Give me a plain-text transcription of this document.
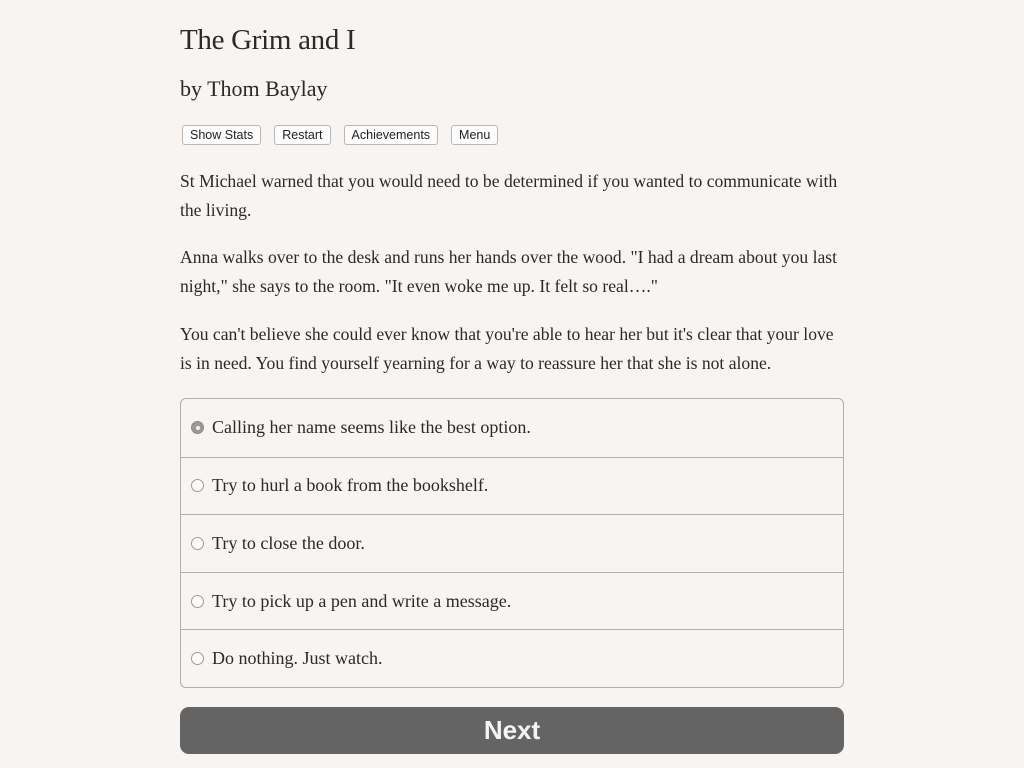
The Grim and I
by Thom Baylay
Show Stats	Restart	Achievements	Menu

St Michael warned that you would need to be determined if you wanted to communicate with the living.

Anna walks over to the desk and runs her hands over the wood. "I had a dream about you last night," she says to the room. "It even woke me up. It felt so real…."

You can't believe she could ever know that you're able to hear her but it's clear that your love is in need. You find yourself yearning for a way to reassure her that she is not alone.

Calling her name seems like the best option.
Try to hurl a book from the bookshelf.
Try to close the door.
Try to pick up a pen and write a message.
Do nothing. Just watch.
Next
